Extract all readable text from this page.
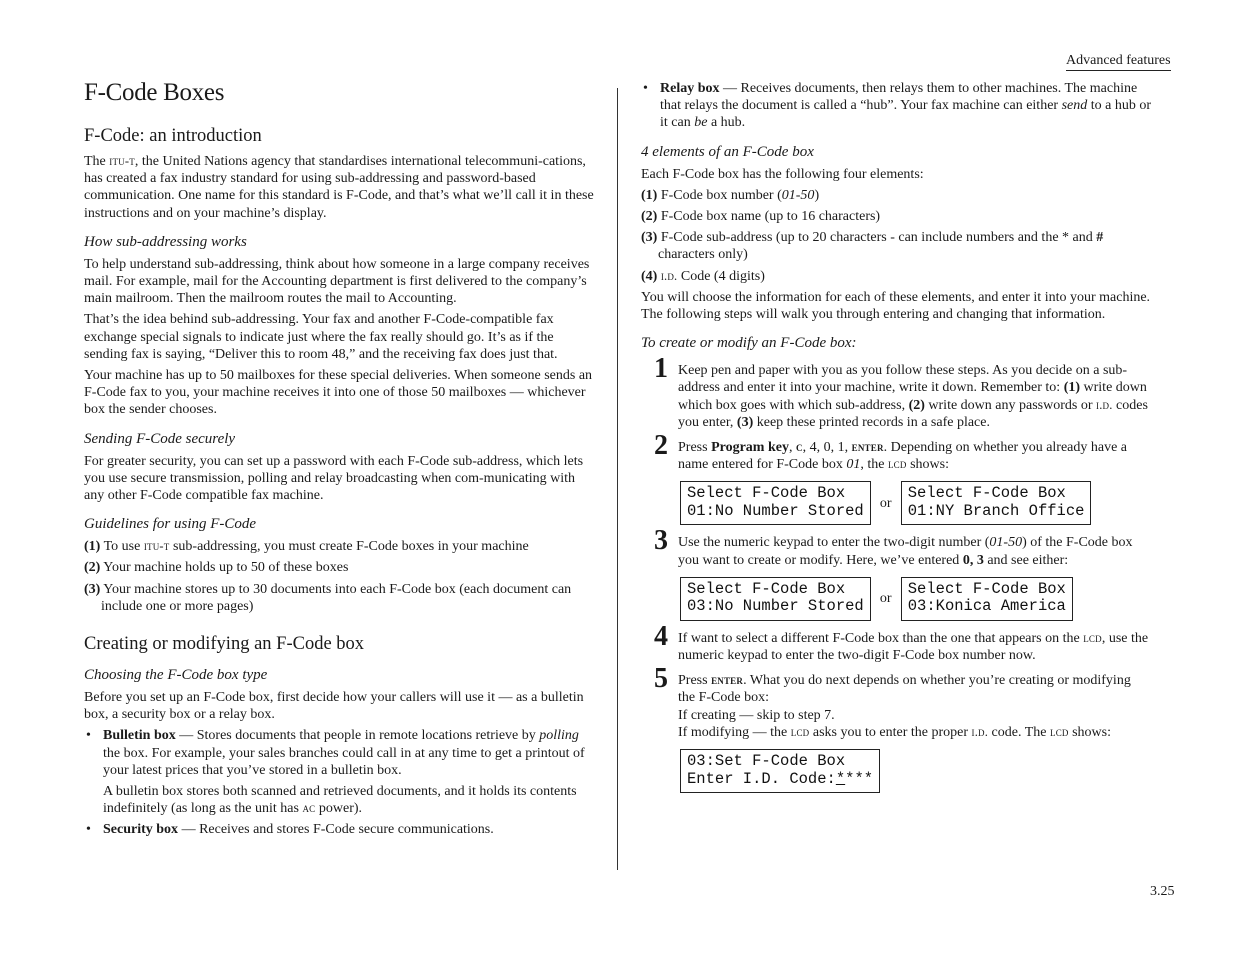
Advanced features
3.25
F-Code Boxes
F-Code: an introduction

The itu-t, the United Nations agency that standardises international telecommuni-cations, has created a fax industry standard for using sub-addressing and password-based communication. One name for this standard is F-Code, and that’s what we’ll call it in these instructions and on your machine’s display.

How sub-addressing works

To help understand sub-addressing, think about how someone in a large company receives mail. For example, mail for the Accounting department is first delivered to the company’s main mailroom. Then the mailroom routes the mail to Accounting.

That’s the idea behind sub-addressing. Your fax and another F-Code-compatible fax exchange special signals to indicate just where the fax really should go. It’s as if the sending fax is saying, “Deliver this to room 48,” and the receiving fax does just that.

Your machine has up to 50 mailboxes for these special deliveries. When someone sends an F-Code fax to you, your machine receives it into one of those 50 mailboxes — whichever box the sender chooses.

Sending F-Code securely

For greater security, you can set up a password with each F-Code sub-address, which lets you use secure transmission, polling and relay broadcasting when com-municating with any other F-Code compatible fax machine.

Guidelines for using F-Code
(1) To use itu-t sub-addressing, you must create F-Code boxes in your machine
(2) Your machine holds up to 50 of these boxes
(3) Your machine stores up to 30 documents into each F-Code box (each document can include one or more pages)
Creating or modifying an F-Code box
Choosing the F-Code box type

Before you set up an F-Code box, first decide how your callers will use it — as a bulletin box, a security box or a relay box.

• Bulletin box — Stores documents that people in remote locations retrieve by polling the box. For example, your sales branches could call in at any time to get a printout of your latest prices that you’ve stored in a bulletin box.

A bulletin box stores both scanned and retrieved documents, and it holds its contents indefinitely (as long as the unit has ac power).

• Security box — Receives and stores F-Code secure communications.
• Relay box — Receives documents, then relays them to other machines. The machine that relays the document is called a “hub”. Your fax machine can either send to a hub or it can be a hub.
4 elements of an F-Code box

Each F-Code box has the following four elements:

(1) F-Code box number (01-50)
(2) F-Code box name (up to 16 characters)
(3) F-Code sub-address (up to 20 characters - can include numbers and the * and # characters only)
(4) i.d. Code (4 digits)

You will choose the information for each of these elements, and enter it into your machine. The following steps will walk you through entering and changing that information.

To create or modify an F-Code box:
1 Keep pen and paper with you as you follow these steps. As you decide on a sub-address and enter it into your machine, write it down. Remember to: (1) write down which box goes with which sub-address, (2) write down any passwords or i.d. codes you enter, (3) keep these printed records in a safe place.
2 Press Program key, c, 4, 0, 1, enter. Depending on whether you already have a name entered for F-Code box 01, the lcd shows:
Select F-Code Box
01:No Number Stored	or
Select F-Code Box
01:NY Branch Office
3 Use the numeric keypad to enter the two-digit number (01-50) of the F-Code box you want to create or modify. Here, we’ve entered 0, 3 and see either:
Select F-Code Box
03:No Number Stored	or
Select F-Code Box
03:Konica America
4 If want to select a different F-Code box than the one that appears on the lcd, use the numeric keypad to enter the two-digit F-Code box number now.
5 Press enter. What you do next depends on whether you’re creating or modifying the F-Code box:
If creating — skip to step 7.
If modifying — the lcd asks you to enter the proper i.d. code. The lcd shows:
03:Set F-Code Box
Enter I.D. Code:****
